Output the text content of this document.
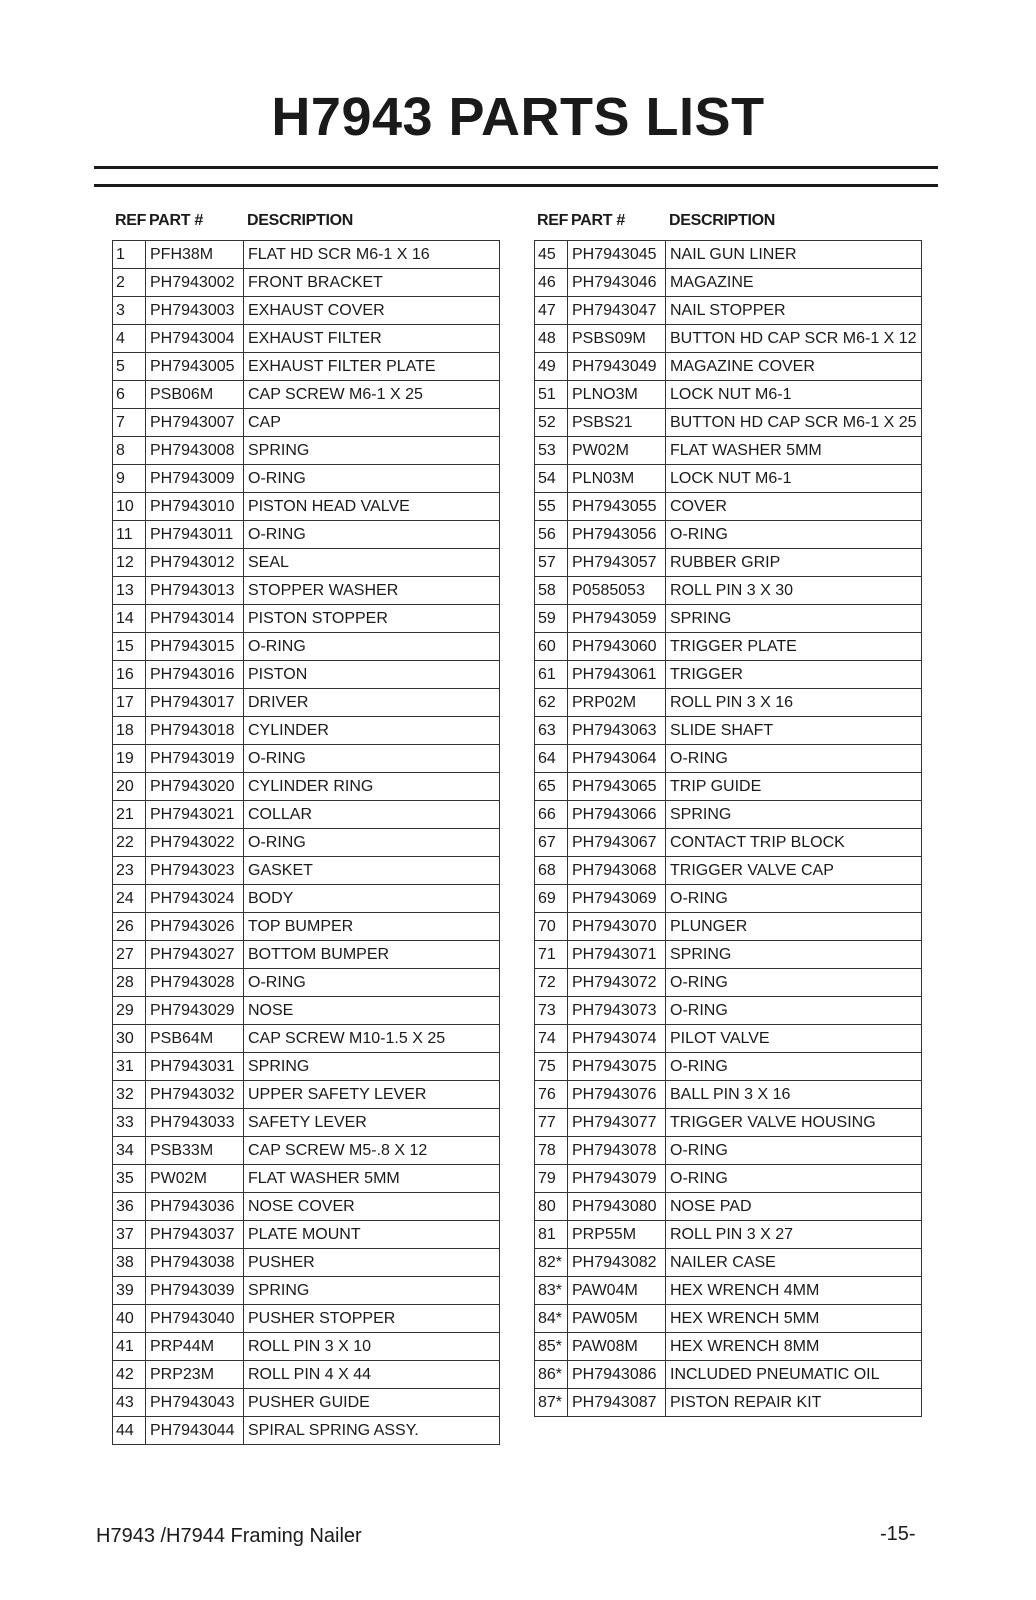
H7943 PARTS LIST
REF PART #	DESCRIPTION
1	PFH38M	FLAT HD SCR M6-1 X 16
2	PH7943002	FRONT BRACKET
3	PH7943003	EXHAUST COVER
4	PH7943004	EXHAUST FILTER
5	PH7943005	EXHAUST FILTER PLATE
6	PSB06M	CAP SCREW M6-1 X 25
7	PH7943007	CAP
8	PH7943008	SPRING
9	PH7943009	O-RING
10	PH7943010	PISTON HEAD VALVE
11	PH7943011	O-RING
12	PH7943012	SEAL
13	PH7943013	STOPPER WASHER
14	PH7943014	PISTON STOPPER
15	PH7943015	O-RING
16	PH7943016	PISTON
17	PH7943017	DRIVER
18	PH7943018	CYLINDER
19	PH7943019	O-RING
20	PH7943020	CYLINDER RING
21	PH7943021	COLLAR
22	PH7943022	O-RING
23	PH7943023	GASKET
24	PH7943024	BODY
26	PH7943026	TOP BUMPER
27	PH7943027	BOTTOM BUMPER
28	PH7943028	O-RING
29	PH7943029	NOSE
30	PSB64M	CAP SCREW M10-1.5 X 25
31	PH7943031	SPRING
32	PH7943032	UPPER SAFETY LEVER
33	PH7943033	SAFETY LEVER
34	PSB33M	CAP SCREW M5-.8 X 12
35	PW02M	FLAT WASHER 5MM
36	PH7943036	NOSE COVER
37	PH7943037	PLATE MOUNT
38	PH7943038	PUSHER
39	PH7943039	SPRING
40	PH7943040	PUSHER STOPPER
41	PRP44M	ROLL PIN 3 X 10
42	PRP23M	ROLL PIN 4 X 44
43	PH7943043	PUSHER GUIDE
44	PH7943044	SPIRAL SPRING ASSY.
REF PART #	DESCRIPTION
45	PH7943045	NAIL GUN LINER
46	PH7943046	MAGAZINE
47	PH7943047	NAIL STOPPER
48	PSBS09M	BUTTON HD CAP SCR M6-1 X 12
49	PH7943049	MAGAZINE COVER
51	PLNO3M	LOCK NUT M6-1
52	PSBS21	BUTTON HD CAP SCR M6-1 X 25
53	PW02M	FLAT WASHER 5MM
54	PLN03M	LOCK NUT M6-1
55	PH7943055	COVER
56	PH7943056	O-RING
57	PH7943057	RUBBER GRIP
58	P0585053	ROLL PIN 3 X 30
59	PH7943059	SPRING
60	PH7943060	TRIGGER PLATE
61	PH7943061	TRIGGER
62	PRP02M	ROLL PIN 3 X 16
63	PH7943063	SLIDE SHAFT
64	PH7943064	O-RING
65	PH7943065	TRIP GUIDE
66	PH7943066	SPRING
67	PH7943067	CONTACT TRIP BLOCK
68	PH7943068	TRIGGER VALVE CAP
69	PH7943069	O-RING
70	PH7943070	PLUNGER
71	PH7943071	SPRING
72	PH7943072	O-RING
73	PH7943073	O-RING
74	PH7943074	PILOT VALVE
75	PH7943075	O-RING
76	PH7943076	BALL PIN 3 X 16
77	PH7943077	TRIGGER VALVE HOUSING
78	PH7943078	O-RING
79	PH7943079	O-RING
80	PH7943080	NOSE PAD
81	PRP55M	ROLL PIN 3 X 27
82*	PH7943082	NAILER CASE
83*	PAW04M	HEX WRENCH 4MM
84*	PAW05M	HEX WRENCH 5MM
85*	PAW08M	HEX WRENCH 8MM
86*	PH7943086	INCLUDED PNEUMATIC OIL
87*	PH7943087	PISTON REPAIR KIT
H7943 /H7944 Framing Nailer	-15-
